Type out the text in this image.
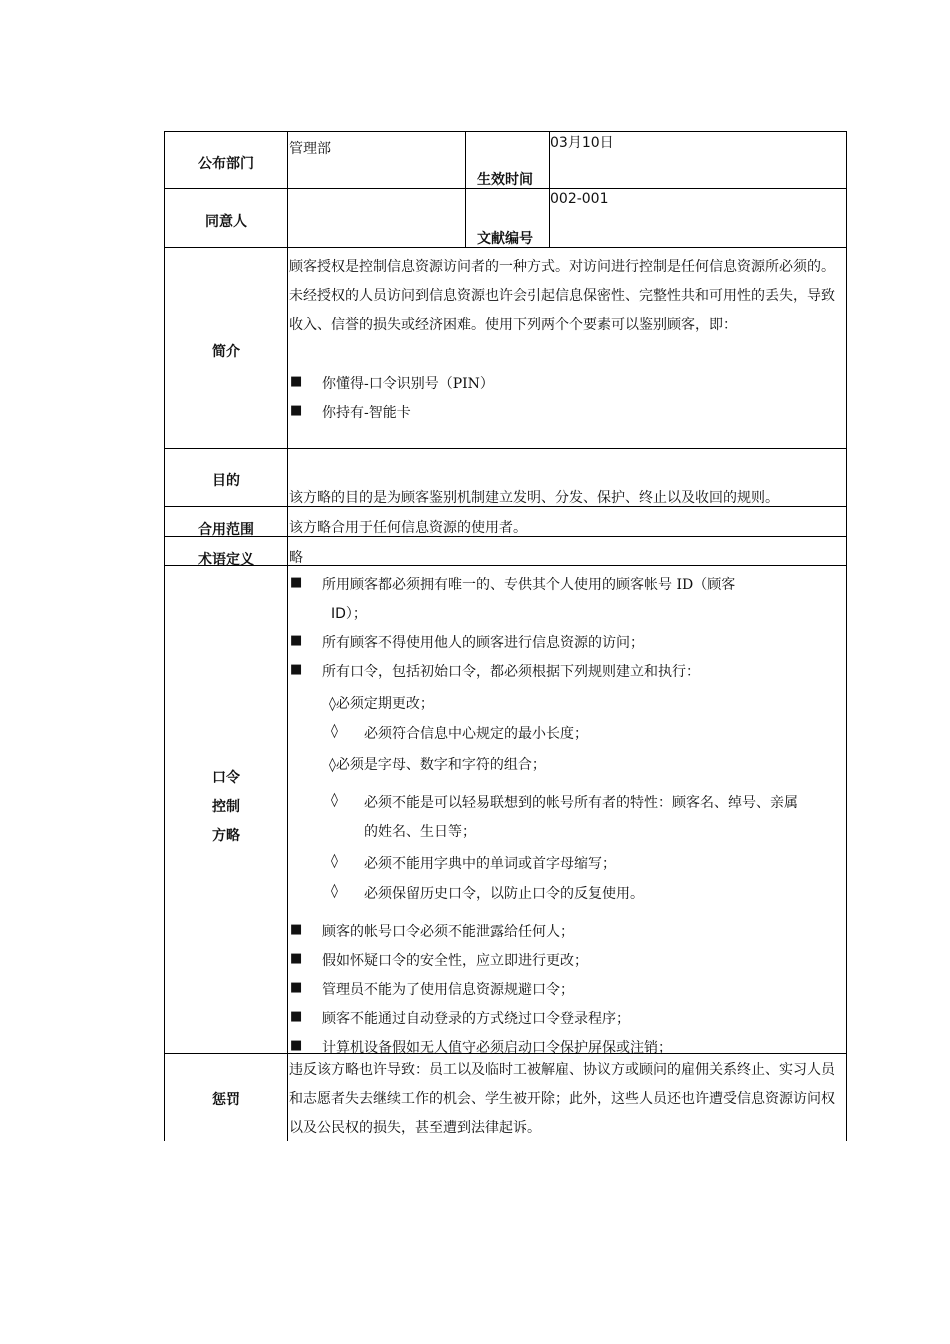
公布部门
管理部
生效时间
03月10日
同意人
文献编号
002-001
简介
顾客授权是控制信息资源访问者的一种方式。对访问进行控制是任何信息资源所必须的。未经授权的人员访问到信息资源也许会引起信息保密性、完整性共和可用性的丢失，导致收入、信誉的损失或经济困难。使用下列两个个要素可以鉴别顾客，即：
■ 你懂得-口令识别号（PIN）
■ 你持有-智能卡
目的
该方略的目的是为顾客鉴别机制建立发明、分发、保护、终止以及收回的规则。
合用范围	该方略合用于任何信息资源的使用者。
术语定义	略
口令
控制
方略
■ 所用顾客都必须拥有唯一的、专供其个人使用的顾客帐号 ID（顾客
ID）；
■ 所有顾客不得使用他人的顾客进行信息资源的访问；
■ 所有口令，包括初始口令，都必须根据下列规则建立和执行：
◊必须定期更改；
◊ 必须符合信息中心规定的最小长度；
◊必须是字母、数字和字符的组合；
◊ 必须不能是可以轻易联想到的帐号所有者的特性：顾客名、绰号、亲属
的姓名、生日等；
◊ 必须不能用字典中的单词或首字母缩写；
◊ 必须保留历史口令，以防止口令的反复使用。
■ 顾客的帐号口令必须不能泄露给任何人；
■ 假如怀疑口令的安全性，应立即进行更改；
■ 管理员不能为了使用信息资源规避口令；
■ 顾客不能通过自动登录的方式绕过口令登录程序；
■ 计算机设备假如无人值守必须启动口令保护屏保或注销；
惩罚
违反该方略也许导致：员工以及临时工被解雇、协议方或顾问的雇佣关系终止、实习人员和志愿者失去继续工作的机会、学生被开除；此外，这些人员还也许遭受信息资源访问权以及公民权的损失，甚至遭到法律起诉。
